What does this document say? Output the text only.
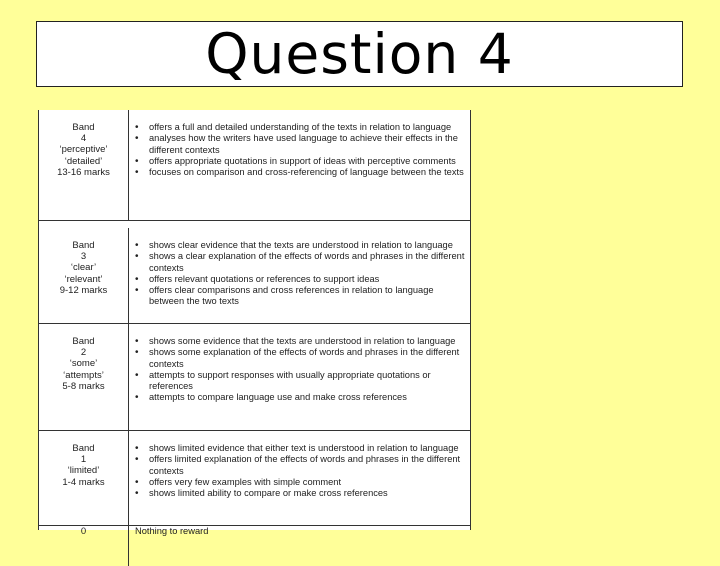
Question 4
Band
4
‘perceptive’
‘detailed’
13-16 marks
• offers a full and detailed understanding of the texts in relation to language
• analyses how the writers have used language to achieve their effects in the different contexts
• offers appropriate quotations in support of ideas with perceptive comments
• focuses on comparison and cross-referencing of language between the texts
Band
3
‘clear’
‘relevant’
9-12 marks
• shows clear evidence that the texts are understood in relation to language
• shows a clear explanation of the effects of words and phrases in the different contexts
• offers relevant quotations or references to support ideas
• offers clear comparisons and cross references in relation to language between the two texts
Band
2
‘some’
‘attempts’
5-8 marks
• shows some evidence that the texts are understood in relation to language
• shows some explanation of the effects of words and phrases in the different contexts
• attempts to support responses with usually appropriate quotations or references
• attempts to compare language use and make cross references
Band
1
‘limited’
1-4 marks
• shows limited evidence that either text is understood in relation to language
• offers limited explanation of the effects of words and phrases in the different contexts
• offers very few examples with simple comment
• shows limited ability to compare or make cross references
0	Nothing to reward
